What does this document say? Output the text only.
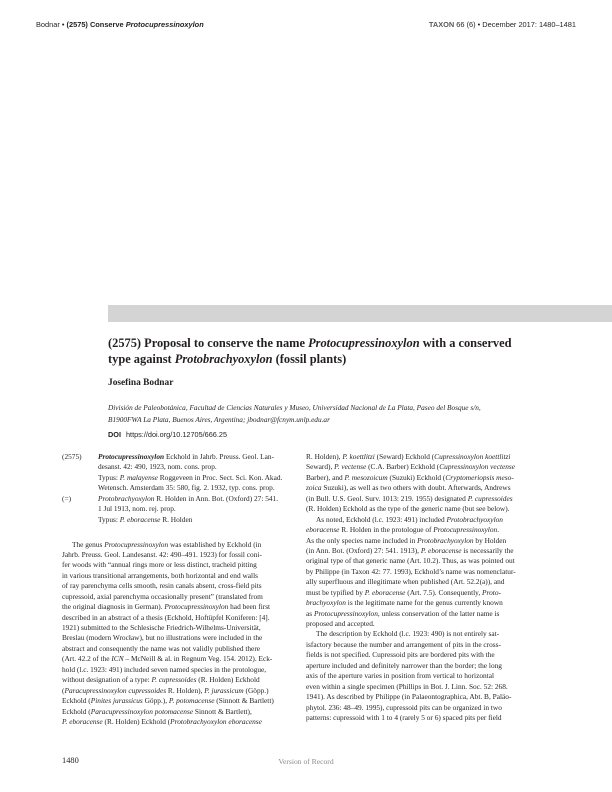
Bodnar • (2575) Conserve Protocupressinoxylon	TAXON 66 (6) • December 2017: 1480–1481
(2575) Proposal to conserve the name Protocupressinoxylon with a conserved
type against Protobrachyoxylon (fossil plants)
Josefina Bodnar
División de Paleobotánica, Facultad de Ciencias Naturales y Museo, Universidad Nacional de La Plata, Paseo del Bosque s/n,
B1900FWA La Plata, Buenos Aires, Argentina; jbodnar@fcnym.unlp.edu.ar
DOI https://doi.org/10.12705/666.25
(2575) Protocupressinoxylon Eckhold in Jahrb. Preuss. Geol. Lan-
desanst. 42: 490, 1923, nom. cons. prop.
Typus: P. malayense Roggeveen in Proc. Sect. Sci. Kon. Akad.
Wetensch. Amsterdam 35: 580, fig. 2. 1932, typ. cons. prop.
(=)	Protobrachyoxylon R. Holden in Ann. Bot. (Oxford) 27: 541.
1 Jul 1913, nom. rej. prop.
Typus: P. eboracense R. Holden
The genus Protocupressinoxylon was established by Eckhold (in
Jahrb. Preuss. Geol. Landesanst. 42: 490–491. 1923) for fossil coni-
fer woods with “annual rings more or less distinct, tracheid pitting
in various transitional arrangements, both horizontal and end walls
of ray parenchyma cells smooth, resin canals absent, cross-field pits
cupressoid, axial parenchyma occasionally present” (translated from
the original diagnosis in German). Protocupressinoxylon had been first
described in an abstract of a thesis (Eckhold, Hoftüpfel Koniferen: [4].
1921) submitted to the Schlesische Friedrich-Wilhelms-Universität,
Breslau (modern Wrocław), but no illustrations were included in the
abstract and consequently the name was not validly published there
(Art. 42.2 of the ICN – McNeill & al. in Regnum Veg. 154. 2012). Eck-
hold (l.c. 1923: 491) included seven named species in the protologue,
without designation of a type: P. cupressoides (R. Holden) Eckhold
(Paracupressinoxylon cupressoides R. Holden), P. jurassicum (Göpp.)
Eckhold (Pinites jurassicus Göpp.), P. potomacense (Sinnott & Bartlett)
Eckhold (Paracupressinoxylon potomacense Sinnott & Bartlett),
P. eboracense (R. Holden) Eckhold (Protobrachyoxylon eboracense
R. Holden), P. koettlitzi (Seward) Eckhold (Cupressinoxylon koettlitzi
Seward), P. vectense (C.A. Barber) Eckhold (Cupressinoxylon vectense
Barber), and P. mesozoicum (Suzuki) Eckhold (Cryptomeriopsis meso-
zoica Suzuki), as well as two others with doubt. Afterwards, Andrews
(in Bull. U.S. Geol. Surv. 1013: 219. 1955) designated P. cupressoides
(R. Holden) Eckhold as the type of the generic name (but see below).
As noted, Eckhold (l.c. 1923: 491) included Protobrachyoxylon
eboracense R. Holden in the protologue of Protocupressinoxylon.
As the only species name included in Protobrachyoxylon by Holden
(in Ann. Bot. (Oxford) 27: 541. 1913), P. eboracense is necessarily the
original type of that generic name (Art. 10.2). Thus, as was pointed out
by Philippe (in Taxon 42: 77. 1993), Eckhold’s name was nomenclatur-
ally superfluous and illegitimate when published (Art. 52.2(a)), and
must be typified by P. eboracense (Art. 7.5). Consequently, Proto-
brachyoxylon is the legitimate name for the genus currently known
as Protocupressinoxylon, unless conservation of the latter name is
proposed and accepted.
The description by Eckhold (l.c. 1923: 490) is not entirely sat-
isfactory because the number and arrangement of pits in the cross-
fields is not specified. Cupressoid pits are bordered pits with the
aperture included and definitely narrower than the border; the long
axis of the aperture varies in position from vertical to horizontal
even within a single specimen (Phillips in Bot. J. Linn. Soc. 52: 268.
1941). As described by Philippe (in Palaeontographica, Abt. B, Paläo-
phytol. 236: 48–49. 1995), cupressoid pits can be organized in two
patterns: cupressoid with 1 to 4 (rarely 5 or 6) spaced pits per field
1480	Version of Record
